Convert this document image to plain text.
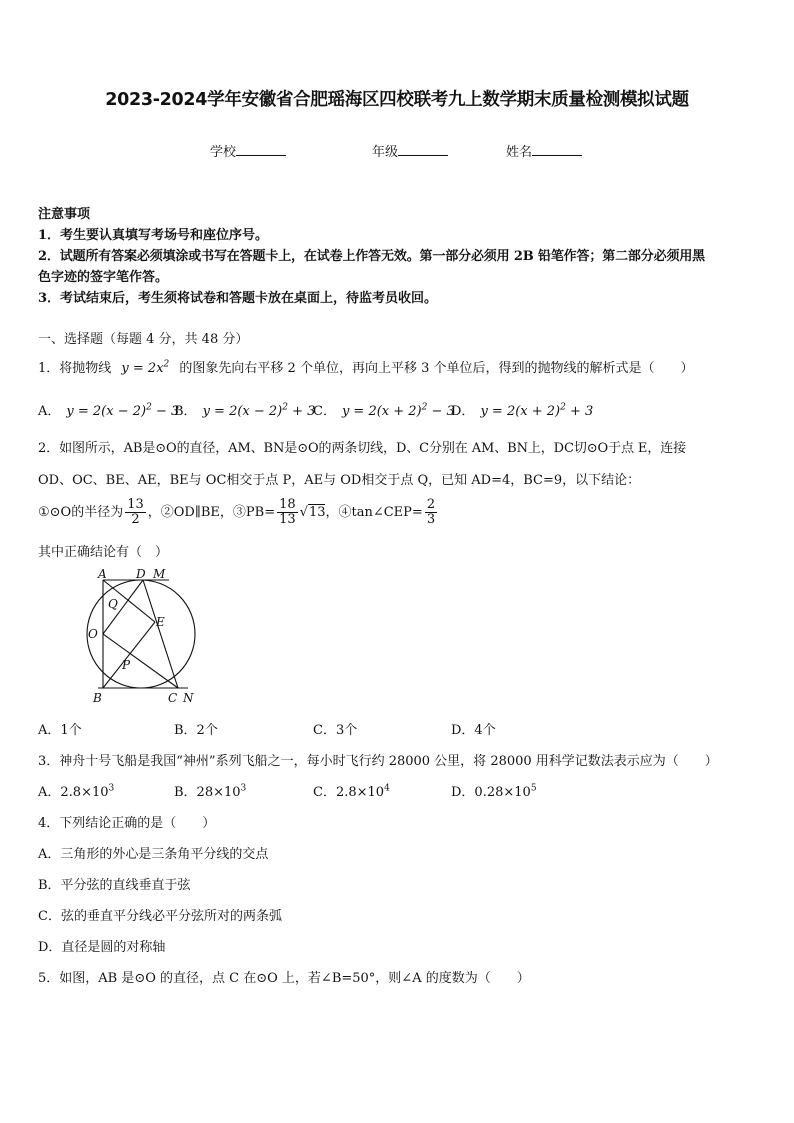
2023-2024学年安徽省合肥瑶海区四校联考九上数学期末质量检测模拟试题
学校	年级	姓名
注意事项
1．考生要认真填写考场号和座位序号。
2．试题所有答案必须填涂或书写在答题卡上，在试卷上作答无效。第一部分必须用 2B 铅笔作答；第二部分必须用黑
色字迹的签字笔作答。
3．考试结束后，考生须将试卷和答题卡放在桌面上，待监考员收回。
一、选择题（每题 4 分，共 48 分）
1．将抛物线 $y = 2x^2$ 的图象先向右平移 2 个单位，再向上平移 3 个单位后，得到的抛物线的解析式是（　　）
A． $y = 2(x - 2)^2 - 3$
B． $y = 2(x - 2)^2 + 3$
C． $y = 2(x + 2)^2 - 3$
D． $y = 2(x + 2)^2 + 3$
2．如图所示，AB是⊙O的直径，AM、BN是⊙O的两条切线，D、C分别在 AM、BN上，DC切⊙O于点 E，连接
OD、OC、BE、AE，BE与 OC相交于点 P，AE与 OD相交于点 Q，已知 AD=4，BC=9，以下结论：
①⊙O的半径为 $\frac{13}{2}$ ，②OD∥BE，③PB= $\frac{18}{13} √13$，④tan∠CEP= $\frac{2}{3}$
其中正确结论有（　）
A D M
Q
O
E
P
B	C N
A．1个	B．2个	C．3个	D．4个
3．神舟十号飞船是我国“神州”系列飞船之一，每小时飞行约 28000 公里，将 28000 用科学记数法表示应为（　　）
A．$2.8\times 10^3$	B．$28\times 10^3$	C．$2.8\times 10^4$	D．$0.28\times 10^5$
4．下列结论正确的是（　　）
A．三角形的外心是三条角平分线的交点
B．平分弦的直线垂直于弦
C．弦的垂直平分线必平分弦所对的两条弧
D．直径是圆的对称轴
5．如图，AB 是⊙O 的直径，点 C 在⊙O 上，若∠B=50°，则∠A 的度数为（　　）
